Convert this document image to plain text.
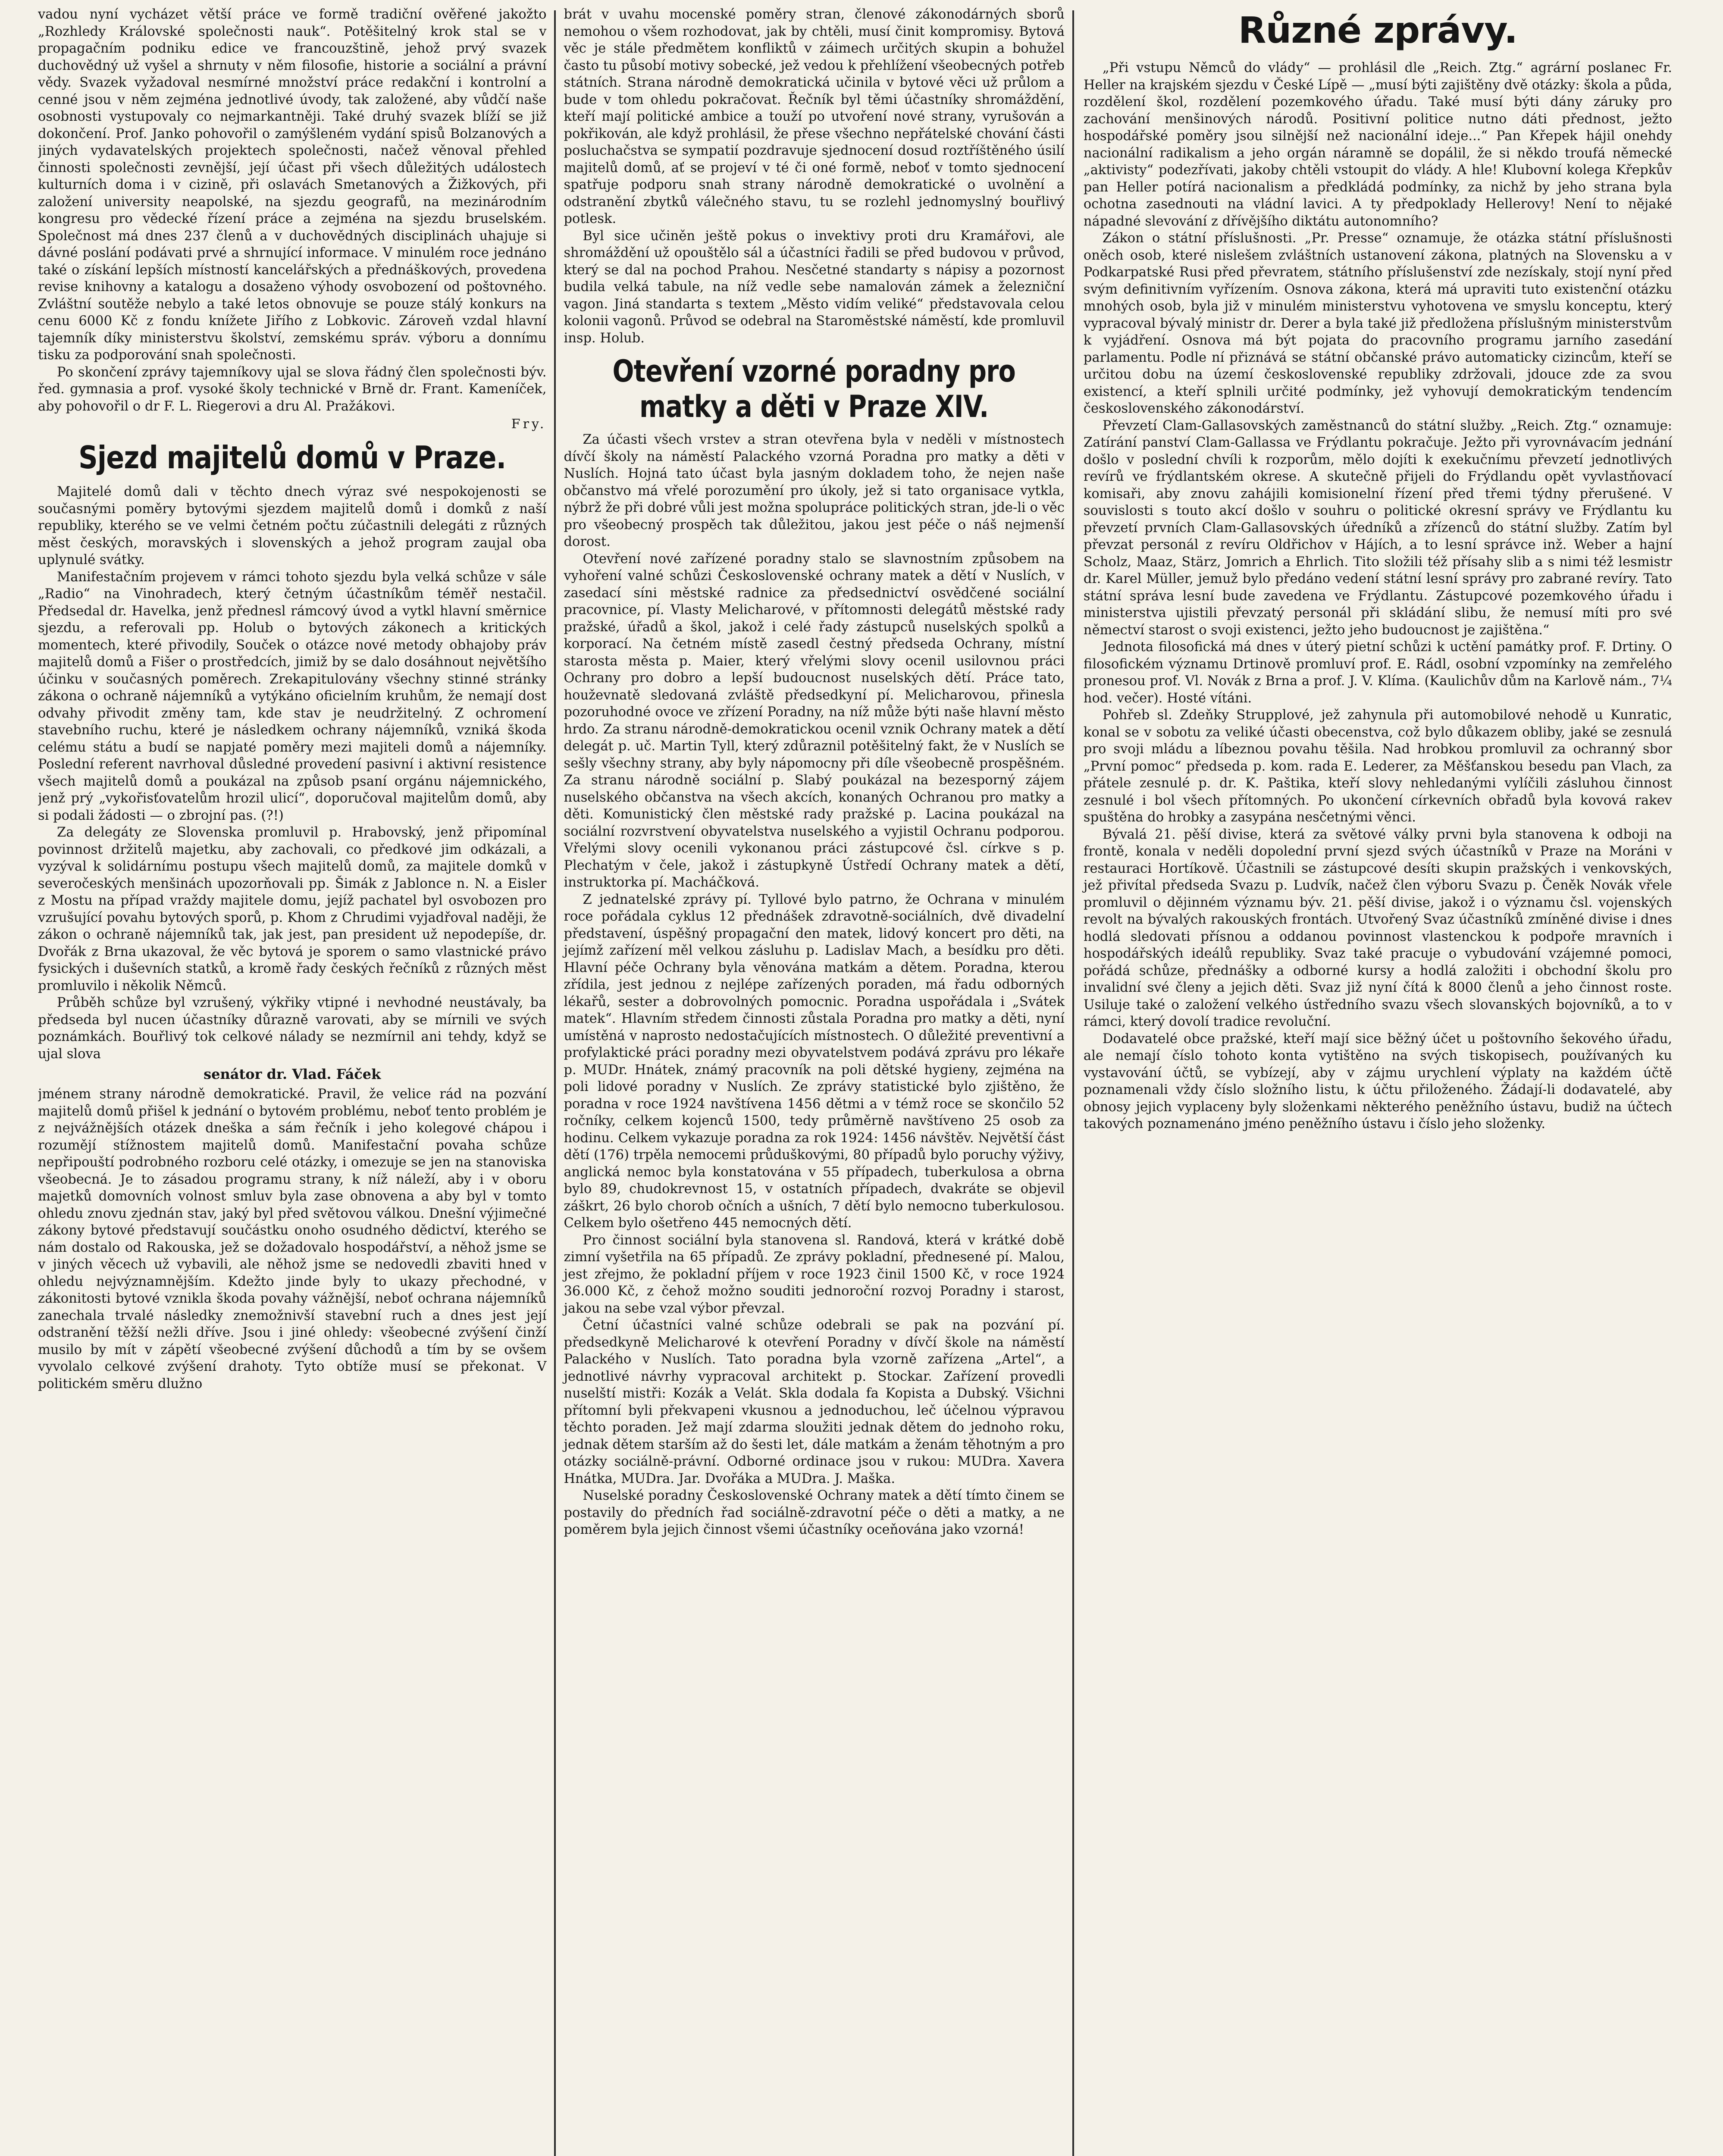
vadou nyní vycházet větší práce ve formě tradiční ověřené jakožto „Rozhledy Královské společnosti nauk“. Potěšitelný krok stal se v propagačním podniku edice ve francouzštině, jehož prvý svazek duchovědný už vyšel a shrnuty v něm filosofie, historie a sociální a právní vědy. Svazek vyžadoval nesmírné množství práce redakční i kontrolní a cenné jsou v něm zejména jednotlivé úvody, tak založené, aby vůdčí naše osobnosti vystupovaly co nejmarkantněji. Také druhý svazek blíží se již dokončení. Prof. Janko pohovořil o zamýšleném vydání spisů Bolzanových a jiných vydavatelských projektech společnosti, načež věnoval přehled činnosti společnosti zevnější, její účast při všech důležitých událostech kulturních doma i v cizině, při oslavách Smetanových a Žižkových, při založení university neapolské, na sjezdu geografů, na mezinárodním kongresu pro vědecké řízení práce a zejména na sjezdu bruselském. Společnost má dnes 237 členů a v duchovědných disciplinách uhajuje si dávné poslání podávati prvé a shrnující informace. V minulém roce jednáno také o získání lepších místností kancelářských a přednáškových, provedena revise knihovny a katalogu a dosaženo výhody osvobození od poštovného. Zvláštní soutěže nebylo a také letos obnovuje se pouze stálý konkurs na cenu 6000 Kč z fondu knížete Jiřího z Lobkovic. Zároveň vzdal hlavní tajemník díky ministerstvu školství, zemskému správ. výboru a donnímu tisku za podporování snah společnosti.

Po skončení zprávy tajemníkovy ujal se slova řádný člen společnosti býv. řed. gymnasia a prof. vysoké školy technické v Brně dr. Frant. Kameníček, aby pohovořil o dr F. L. Riegerovi a dru Al. Pražákovi.

Fry.
Sjezd majitelů domů v Praze.

Majitelé domů dali v těchto dnech výraz své nespokojenosti se současnými poměry bytovými sjezdem majitelů domů i domků z naší republiky, kterého se ve velmi četném počtu zúčastnili delegáti z různých měst českých, moravských i slovenských a jehož program zaujal oba uplynulé svátky.

Manifestačním projevem v rámci tohoto sjezdu byla velká schůze v sále „Radio“ na Vinohradech, který četným účastníkům téměř nestačil. Předsedal dr. Havelka, jenž přednesl rámcový úvod a vytkl hlavní směrnice sjezdu, a referovali pp. Holub o bytových zákonech a kritických momentech, které přivodily, Souček o otázce nové metody obhajoby práv majitelů domů a Fišer o prostředcích, jimiž by se dalo dosáhnout největšího účinku v současných poměrech. Zrekapitulovány všechny stinné stránky zákona o ochraně nájemníků a vytýkáno oficielním kruhům, že nemají dost odvahy přivodit změny tam, kde stav je neudržitelný. Z ochromení stavebního ruchu, které je následkem ochrany nájemníků, vzniká škoda celému státu a budí se napjaté poměry mezi majiteli domů a nájemníky. Poslední referent navrhoval důsledné provedení pasivní i aktivní resistence všech majitelů domů a poukázal na způsob psaní orgánu nájemnického, jenž prý „vykořisťovatelům hrozil ulicí“, doporučoval majitelům domů, aby si podali žádosti — o zbrojní pas. (?!)

Za delegáty ze Slovenska promluvil p. Hrabovský, jenž připomínal povinnost držitelů majetku, aby zachovali, co předkové jim odkázali, a vyzýval k solidárnímu postupu všech majitelů domů, za majitele domků v severočeských menšinách upozorňovali pp. Šimák z Jablonce n. N. a Eisler z Mostu na případ vraždy majitele domu, jejíž pachatel byl osvobozen pro vzrušující povahu bytových sporů, p. Khom z Chrudimi vyjadřoval naději, že zákon o ochraně nájemníků tak, jak jest, pan president už nepodepíše, dr. Dvořák z Brna ukazoval, že věc bytová je sporem o samo vlastnické právo fysických i duševních statků, a kromě řady českých řečníků z různých měst promluvilo i několik Němců.

Průběh schůze byl vzrušený, výkřiky vtipné i nevhodné neustávaly, ba předseda byl nucen účastníky důrazně varovati, aby se mírnili ve svých poznámkách. Bouřlivý tok celkové nálady se nezmírnil ani tehdy, když se ujal slova

senátor dr. Vlad. Fáček

jménem strany národně demokratické. Pravil, že velice rád na pozvání majitelů domů přišel k jednání o bytovém problému, neboť tento problém je z nejvážnějších otázek dneška a sám řečník i jeho kolegové chápou i rozumějí stížnostem majitelů domů. Manifestační povaha schůze nepřipouští podrobného rozboru celé otázky, i omezuje se jen na stanoviska všeobecná. Je to zásadou programu strany, k níž náleží, aby i v oboru majetků domovních volnost smluv byla zase obnovena a aby byl v tomto ohledu znovu zjednán stav, jaký byl před světovou válkou. Dnešní výjimečné zákony bytové představují součástku onoho osudného dědictví, kterého se nám dostalo od Rakouska, jež se dožadovalo hospodářství, a něhož jsme se v jiných věcech už vybavili, ale něhož jsme se nedovedli zbaviti hned v ohledu nejvýznamnějším. Kdežto jinde byly to ukazy přechodné, v zákonitosti bytové vznikla škoda povahy vážnější, neboť ochrana nájemníků zanechala trvalé následky znemožnivší stavební ruch a dnes jest její odstranění těžší nežli dříve. Jsou i jiné ohledy: všeobecné zvýšení činží musilo by mít v zápětí všeobecné zvýšení důchodů a tím by se ovšem vyvolalo celkové zvýšení drahoty. Tyto obtíže musí se překonat. V politickém směru dlužno

brát v uvahu mocenské poměry stran, členové zákonodárných sborů nemohou o všem rozhodovat, jak by chtěli, musí činit kompromisy. Bytová věc je stále předmětem konfliktů v záimech určitých skupin a bohužel často tu působí motivy sobecké, jež vedou k přehlížení všeobecných potřeb státních. Strana národně demokratická učinila v bytové věci už průlom a bude v tom ohledu pokračovat. Řečník byl těmi účastníky shromáždění, kteří mají politické ambice a touží po utvoření nové strany, vyrušován a pokřikován, ale když prohlásil, že přese všechno nepřátelské chování části posluchačstva se sympatií pozdravuje sjednocení dosud roztříštěného úsilí majitelů domů, ať se projeví v té či oné formě, neboť v tomto sjednocení spatřuje podporu snah strany národně demokratické o uvolnění a odstranění zbytků válečného stavu, tu se rozlehl jednomyslný bouřlivý potlesk.

Byl sice učiněn ještě pokus o invektivy proti dru Kramářovi, ale shromáždění už opouštělo sál a účastníci řadili se před budovou v průvod, který se dal na pochod Prahou. Nesčetné standarty s nápisy a pozornost budila velká tabule, na níž vedle sebe namalován zámek a železniční vagon. Jiná standarta s textem „Město vidím veliké“ představovala celou kolonii vagonů. Průvod se odebral na Staroměstské náměstí, kde promluvil insp. Holub.

Otevření vzorné poradny pro matky a děti v Praze XIV.

Za účasti všech vrstev a stran otevřena byla v neděli v místnostech dívčí školy na náměstí Palackého vzorná Poradna pro matky a děti v Nuslích. Hojná tato účast byla jasným dokladem toho, že nejen naše občanstvo má vřelé porozumění pro úkoly, jež si tato organisace vytkla, nýbrž že při dobré vůli jest možna spolupráce politických stran, jde-li o věc pro všeobecný prospěch tak důležitou, jakou jest péče o náš nejmenší dorost.

Otevření nové zařízené poradny stalo se slavnostním způsobem na vyhoření valné schůzi Československé ochrany matek a dětí v Nuslích, v zasedací síni městské radnice za předsednictví osvědčené sociální pracovnice, pí. Vlasty Melicharové, v přítomnosti delegátů městské rady pražské, úřadů a škol, jakož i celé řady zástupců nuselských spolků a korporací. Na četném místě zasedl čestný předseda Ochrany, místní starosta města p. Maier, který vřelými slovy ocenil usilovnou práci Ochrany pro dobro a lepší budoucnost nuselských dětí. Práce tato, houževnatě sledovaná zvláště předsedkyní pí. Melicharovou, přinesla pozoruhodné ovoce ve zřízení Poradny, na níž může býti naše hlavní město hrdo. Za stranu národně-demokratickou ocenil vznik Ochrany matek a dětí delegát p. uč. Martin Tyll, který zdůraznil potěšitelný fakt, že v Nuslích se sešly všechny strany, aby byly nápomocny při díle všeobecně prospěšném. Za stranu národně sociální p. Slabý poukázal na bezesporný zájem nuselského občanstva na všech akcích, konaných Ochranou pro matky a děti. Komunistický člen městské rady pražské p. Lacina poukázal na sociální rozvrstvení obyvatelstva nuselského a vyjistil Ochranu podporou. Vřelými slovy ocenili vykonanou práci zástupcové čsl. církve s p. Plechatým v čele, jakož i zástupkyně Ústředí Ochrany matek a dětí, instruktorka pí. Macháčková.

Z jednatelské zprávy pí. Tyllové bylo patrno, že Ochrana v minulém roce pořádala cyklus 12 přednášek zdravotně-sociálních, dvě divadelní představení, úspěšný propagační den matek, lidový koncert pro děti, na jejímž zařízení měl velkou zásluhu p. Ladislav Mach, a besídku pro děti. Hlavní péče Ochrany byla věnována matkám a dětem. Poradna, kterou zřídila, jest jednou z nejlépe zařízených poraden, má řadu odborných lékařů, sester a dobrovolných pomocnic. Poradna uspořádala i „Svátek matek“. Hlavním středem činnosti zůstala Poradna pro matky a děti, nyní umístěná v naprosto nedostačujících místnostech. O důležité preventivní a profylaktické práci poradny mezi obyvatelstvem podává zprávu pro lékaře p. MUDr. Hnátek, známý pracovník na poli dětské hygieny, zejména na poli lidové poradny v Nuslích. Ze zprávy statistické bylo zjištěno, že poradna v roce 1924 navštívena 1456 dětmi a v témž roce se skončilo 52 ročníky, celkem kojenců 1500, tedy průměrně navštíveno 25 osob za hodinu. Celkem vykazuje poradna za rok 1924: 1456 návštěv. Největší část dětí (176) trpěla nemocemi průduškovými, 80 případů bylo poruchy výživy, anglická nemoc byla konstatována v 55 případech, tuberkulosa a obrna bylo 89, chudokrevnost 15, v ostatních případech, dvakráte se objevil záškrt, 26 bylo chorob očních a ušních, 7 dětí bylo nemocno tuberkulosou. Celkem bylo ošetřeno 445 nemocných dětí.

Pro činnost sociální byla stanovena sl. Randová, která v krátké době zimní vyšetřila na 65 případů. Ze zprávy pokladní, přednesené pí. Malou, jest zřejmo, že pokladní příjem v roce 1923 činil 1500 Kč, v roce 1924 36.000 Kč, z čehož možno souditi jednoroční rozvoj Poradny i starost, jakou na sebe vzal výbor převzal.

Četní účastníci valné schůze odebrali se pak na pozvání pí. předsedkyně Melicharové k otevření Poradny v dívčí škole na náměstí Palackého v Nuslích. Tato poradna byla vzorně zařízena „Artel“, a jednotlivé návrhy vypracoval architekt p. Stockar. Zařízení provedli nuselští mistři: Kozák a Velát. Skla dodala fa Kopista a Dubský. Všichni přítomní byli překvapeni vkusnou a jednoduchou, leč účelnou výpravou těchto poraden. Jež mají zdarma sloužiti jednak dětem do jednoho roku, jednak dětem starším až do šesti let, dále matkám a ženám těhotným a pro otázky sociálně-právní. Odborné ordinace jsou v rukou: MUDra. Xavera Hnátka, MUDra. Jar. Dvořáka a MUDra. J. Maška.

Nuselské poradny Československé Ochrany matek a dětí tímto činem se postavily do předních řad sociálně-zdravotní péče o děti a matky, a ne poměrem byla jejich činnost všemi účastníky oceňována jako vzorná!

Různé zprávy.

„Při vstupu Němců do vlády“ — prohlásil dle „Reich. Ztg.“ agrární poslanec Fr. Heller na krajském sjezdu v České Lípě — „musí býti zajištěny dvě otázky: škola a půda, rozdělení škol, rozdělení pozemkového úřadu. Také musí býti dány záruky pro zachování menšinových národů. Positivní politice nutno dáti přednost, ježto hospodářské poměry jsou silnější než nacionální ideje...“ Pan Křepek hájil onehdy nacionální radikalism a jeho orgán náramně se dopálil, že si někdo troufá německé „aktivisty“ podezřívati, jakoby chtěli vstoupit do vlády. A hle! Klubovní kolega Křepkův pan Heller potírá nacionalism a předkládá podmínky, za nichž by jeho strana byla ochotna zasednouti na vládní lavici. A ty předpoklady Hellerovy! Není to nějaké nápadné slevování z dřívějšího diktátu autonomního?

Zákon o státní příslušnosti. „Pr. Presse“ oznamuje, že otázka státní příslušnosti oněch osob, které nislešem zvláštních ustanovení zákona, platných na Slovensku a v Podkarpatské Rusi před převratem, státního příslušenství zde nezískaly, stojí nyní před svým definitivním vyřízením. Osnova zákona, která má upraviti tuto existenční otázku mnohých osob, byla již v minulém ministerstvu vyhotovena ve smyslu konceptu, který vypracoval bývalý ministr dr. Derer a byla také již předložena příslušným ministerstvům k vyjádření. Osnova má být pojata do pracovního programu jarního zasedání parlamentu. Podle ní přiznává se státní občanské právo automaticky cizincům, kteří se určitou dobu na území československé republiky zdržovali, jdouce zde za svou existencí, a kteří splnili určité podmínky, jež vyhovují demokratickým tendencím československého zákonodárství.

Převzetí Clam-Gallasovských zaměstnanců do státní služby. „Reich. Ztg.“ oznamuje: Zatírání panství Clam-Gallassa ve Frýdlantu pokračuje. Ježto při vyrovnávacím jednání došlo v poslední chvíli k rozporům, mělo dojíti k exekučnímu převzetí jednotlivých revírů ve frýdlantském okrese. A skutečně přijeli do Frýdlandu opět vyvlastňovací komisaři, aby znovu zahájili komisionelní řízení před třemi týdny přerušené. V souvislosti s touto akcí došlo v souhru o politické okresní správy ve Frýdlantu ku převzetí prvních Clam-Gallasovských úředníků a zřízenců do státní služby. Zatím byl převzat personál z revíru Oldřichov v Hájích, a to lesní správce inž. Weber a hajní Scholz, Maaz, Stärz, Jomrich a Ehrlich. Tito složili též přísahy slib a s nimi též lesmistr dr. Karel Müller, jemuž bylo předáno vedení státní lesní správy pro zabrané revíry. Tato státní správa lesní bude zavedena ve Frýdlantu. Zástupcové pozemkového úřadu i ministerstva ujistili převzatý personál při skládání slibu, že nemusí míti pro své němectví starost o svoji existenci, ježto jeho budoucnost je zajištěna.“

Jednota filosofická má dnes v úterý pietní schůzi k uctění památky prof. F. Drtiny. O filosofickém významu Drtinově promluví prof. E. Rádl, osobní vzpomínky na zemřelého pronesou prof. Vl. Novák z Brna a prof. J. V. Klíma. (Kaulichův dům na Karlově nám., 7¼ hod. večer). Hosté vítáni.

Pohřeb sl. Zdeňky Strupplové, jež zahynula při automobilové nehodě u Kunratic, konal se v sobotu za veliké účasti obecenstva, což bylo důkazem obliby, jaké se zesnulá pro svoji mládu a líbeznou povahu těšila. Nad hrobkou promluvil za ochranný sbor „První pomoc“ předseda p. kom. rada E. Lederer, za Měšťanskou besedu pan Vlach, za přátele zesnulé p. dr. K. Paštika, kteří slovy nehledanými vylíčili zásluhou činnost zesnulé i bol všech přítomných. Po ukončení církevních obřadů byla kovová rakev spuštěna do hrobky a zasypána nesčetnými věnci.

Bývalá 21. pěší divise, která za světové války prvni byla stanovena k odboji na frontě, konala v neděli dopolední první sjezd svých účastníků v Praze na Moráni v restauraci Hortíkově. Účastnili se zástupcové desíti skupin pražských i venkovských, jež přivítal předseda Svazu p. Ludvík, načež člen výboru Svazu p. Čeněk Novák vřele promluvil o dějinném významu býv. 21. pěší divise, jakož i o významu čsl. vojenských revolt na bývalých rakouských frontách. Utvořený Svaz účastníků zmíněné divise i dnes hodlá sledovati přísnou a oddanou povinnost vlastenckou k podpoře mravních i hospodářských ideálů republiky. Svaz také pracuje o vybudování vzájemné pomoci, pořádá schůze, přednášky a odborné kursy a hodlá založiti i obchodní školu pro invalidní své členy a jejich děti. Svaz již nyní čítá k 8000 členů a jeho činnost roste. Usiluje také o založení velkého ústředního svazu všech slovanských bojovníků, a to v rámci, který dovolí tradice revoluční.

Dodavatelé obce pražské, kteří mají sice běžný účet u poštovního šekového úřadu, ale nemají číslo tohoto konta vytištěno na svých tiskopisech, používaných ku vystavování účtů, se vybízejí, aby v zájmu urychlení výplaty na každém účtě poznamenali vždy číslo složního listu, k účtu přiloženého. Žádají-li dodavatelé, aby obnosy jejich vyplaceny byly složenkami některého peněžního ústavu, budiž na účtech takových poznamenáno jméno peněžního ústavu i číslo jeho složenky.
